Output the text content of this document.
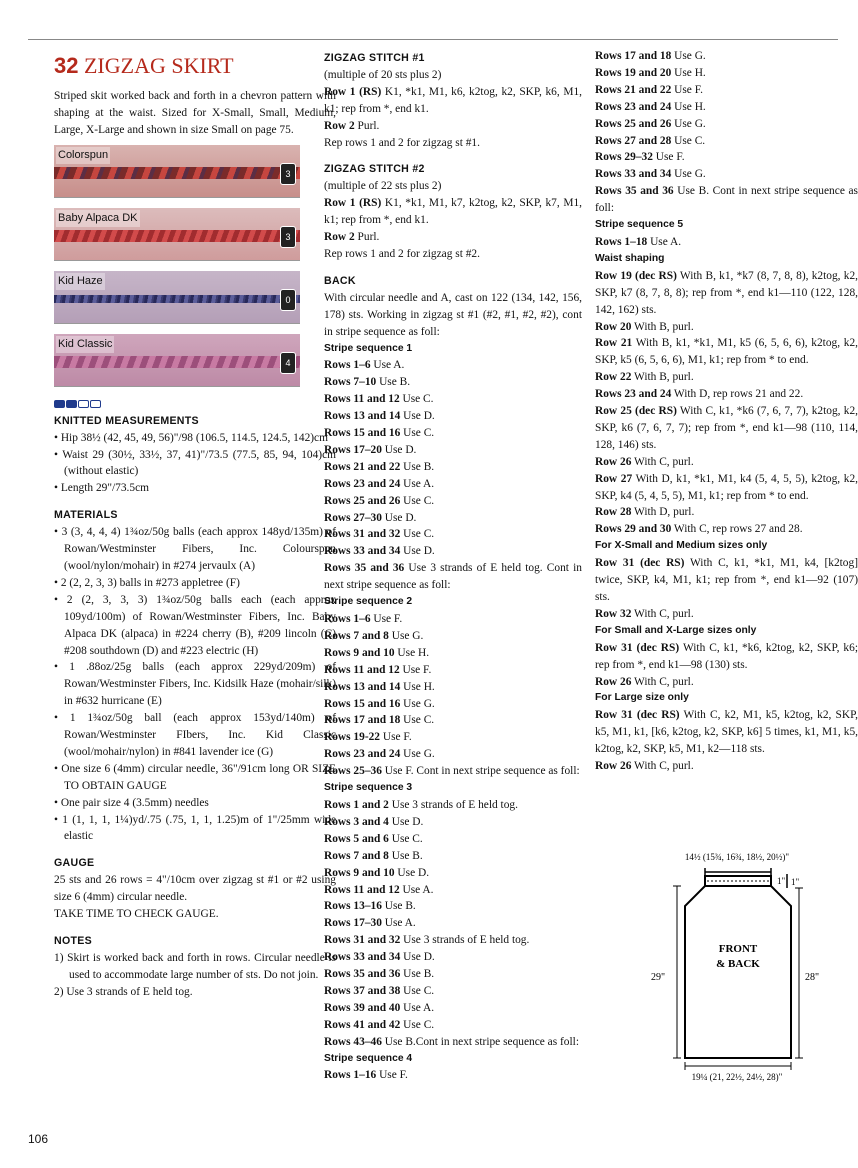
32 ZIGZAG SKIRT

Striped skit worked back and forth in a chevron pattern with shaping at the waist. Sized for X-Small, Small, Medium, Large, X-Large and shown in size Small on page 75.

Colorspun
3
Baby Alpaca DK
3
Kid Haze
0
Kid Classic
4
KNITTED MEASUREMENTS
• Hip 38½ (42, 45, 49, 56)"/98 (106.5, 114.5, 124.5, 142)cm
• Waist 29 (30½, 33½, 37, 41)"/73.5 (77.5, 85, 94, 104)cm (without elastic)
• Length 29"/73.5cm
MATERIALS
• 3 (3, 4, 4, 4) 1¾oz/50g balls (each approx 148yd/135m) of Rowan/Westminster Fibers, Inc. Colourspun (wool/nylon/mohair) in #274 jervaulx (A)
• 2 (2, 2, 3, 3) balls in #273 appletree (F)
• 2 (2, 3, 3, 3) 1¾oz/50g balls each (each approx 109yd/100m) of Rowan/Westminster Fibers, Inc. Baby Alpaca DK (alpaca) in #224 cherry (B), #209 lincoln (C) #208 southdown (D) and #223 electric (H)
• 1 .88oz/25g balls (each approx 229yd/209m) of Rowan/Westminster Fibers, Inc. Kidsilk Haze (mohair/silk) in #632 hurricane (E)
• 1 1¾oz/50g ball (each approx 153yd/140m) of Rowan/Westminster FIbers, Inc. Kid Classic (wool/mohair/nylon) in #841 lavender ice (G)
• One size 6 (4mm) circular needle, 36"/91cm long OR SIZE TO OBTAIN GAUGE
• One pair size 4 (3.5mm) needles
• 1 (1, 1, 1, 1¼)yd/.75 (.75, 1, 1, 1.25)m of 1"/25mm wide elastic
GAUGE

25 sts and 26 rows = 4"/10cm over zigzag st #1 or #2 using size 6 (4mm) circular needle.

TAKE TIME TO CHECK GAUGE.

NOTES
1) Skirt is worked back and forth in rows. Circular needle is used to accommodate large number of sts. Do not join.
2) Use 3 strands of E held tog.
ZIGZAG STITCH #1

(multiple of 20 sts plus 2)

Row 1 (RS) K1, *k1, M1, k6, k2tog, k2, SKP, k6, M1, k1; rep from *, end k1.

Row 2 Purl.

Rep rows 1 and 2 for zigzag st #1.

ZIGZAG STITCH #2

(multiple of 22 sts plus 2)

Row 1 (RS) K1, *k1, M1, k7, k2tog, k2, SKP, k7, M1, k1; rep from *, end k1.

Row 2 Purl.

Rep rows 1 and 2 for zigzag st #2.

BACK

With circular needle and A, cast on 122 (134, 142, 156, 178) sts. Working in zigzag st #1 (#2, #1, #2, #2), cont in stripe sequence as foll:

Stripe sequence 1

Rows 1–6 Use A.

Rows 7–10 Use B.

Rows 11 and 12 Use C.

Rows 13 and 14 Use D.

Rows 15 and 16 Use C.

Rows 17–20 Use D.

Rows 21 and 22 Use B.

Rows 23 and 24 Use A.

Rows 25 and 26 Use C.

Rows 27–30 Use D.

Rows 31 and 32 Use C.

Rows 33 and 34 Use D.

Rows 35 and 36 Use 3 strands of E held tog. Cont in next stripe sequence as foll:

Stripe sequence 2

Rows 1–6 Use F.

Rows 7 and 8 Use G.

Rows 9 and 10 Use H.

Rows 11 and 12 Use F.

Rows 13 and 14 Use H.

Rows 15 and 16 Use G.

Rows 17 and 18 Use C.

Rows 19-22 Use F.

Rows 23 and 24 Use G.

Rows 25–36 Use F. Cont in next stripe sequence as foll:

Stripe sequence 3

Rows 1 and 2 Use 3 strands of E held tog.

Rows 3 and 4 Use D.

Rows 5 and 6 Use C.

Rows 7 and 8 Use B.

Rows 9 and 10 Use D.

Rows 11 and 12 Use A.

Rows 13–16 Use B.

Rows 17–30 Use A.

Rows 31 and 32 Use 3 strands of E held tog.

Rows 33 and 34 Use D.

Rows 35 and 36 Use B.

Rows 37 and 38 Use C.

Rows 39 and 40 Use A.

Rows 41 and 42 Use C.

Rows 43–46 Use B.Cont in next stripe sequence as foll:

Stripe sequence 4

Rows 1–16 Use F.

Rows 17 and 18 Use G.

Rows 19 and 20 Use H.

Rows 21 and 22 Use F.

Rows 23 and 24 Use H.

Rows 25 and 26 Use G.

Rows 27 and 28 Use C.

Rows 29–32 Use F.

Rows 33 and 34 Use G.

Rows 35 and 36 Use B. Cont in next stripe sequence as foll:

Stripe sequence 5

Rows 1–18 Use A.

Waist shaping

Row 19 (dec RS) With B, k1, *k7 (8, 7, 8, 8), k2tog, k2, SKP, k7 (8, 7, 8, 8); rep from *, end k1—110 (122, 128, 142, 162) sts.

Row 20 With B, purl.

Row 21 With B, k1, *k1, M1, k5 (6, 5, 6, 6), k2tog, k2, SKP, k5 (6, 5, 6, 6), M1, k1; rep from * to end.

Row 22 With B, purl.

Rows 23 and 24 With D, rep rows 21 and 22.

Row 25 (dec RS) With C, k1, *k6 (7, 6, 7, 7), k2tog, k2, SKP, k6 (7, 6, 7, 7); rep from *, end k1—98 (110, 114, 128, 146) sts.

Row 26 With C, purl.

Row 27 With D, k1, *k1, M1, k4 (5, 4, 5, 5), k2tog, k2, SKP, k4 (5, 4, 5, 5), M1, k1; rep from * to end.

Row 28 With D, purl.

Rows 29 and 30 With C, rep rows 27 and 28.

For X-Small and Medium sizes only

Row 31 (dec RS) With C, k1, *k1, M1, k4, [k2tog] twice, SKP, k4, M1, k1; rep from *, end k1—92 (107) sts.

Row 32 With C, purl.

For Small and X-Large sizes only

Row 31 (dec RS) With C, k1, *k6, k2tog, k2, SKP, k6; rep from *, end k1—98 (130) sts.

Row 26 With C, purl.

For Large size only

Row 31 (dec RS) With C, k2, M1, k5, k2tog, k2, SKP, k5, M1, k1, [k6, k2tog, k2, SKP, k6] 5 times, k1, M1, k5, k2tog, k2, SKP, k5, M1, k2—118 sts.

Row 26 With C, purl.

14½ (15¾, 16¾, 18½, 20½)"
FRONT & BACK
1" 1"
29"	28"
19¼ (21, 22½, 24½, 28)"
106
